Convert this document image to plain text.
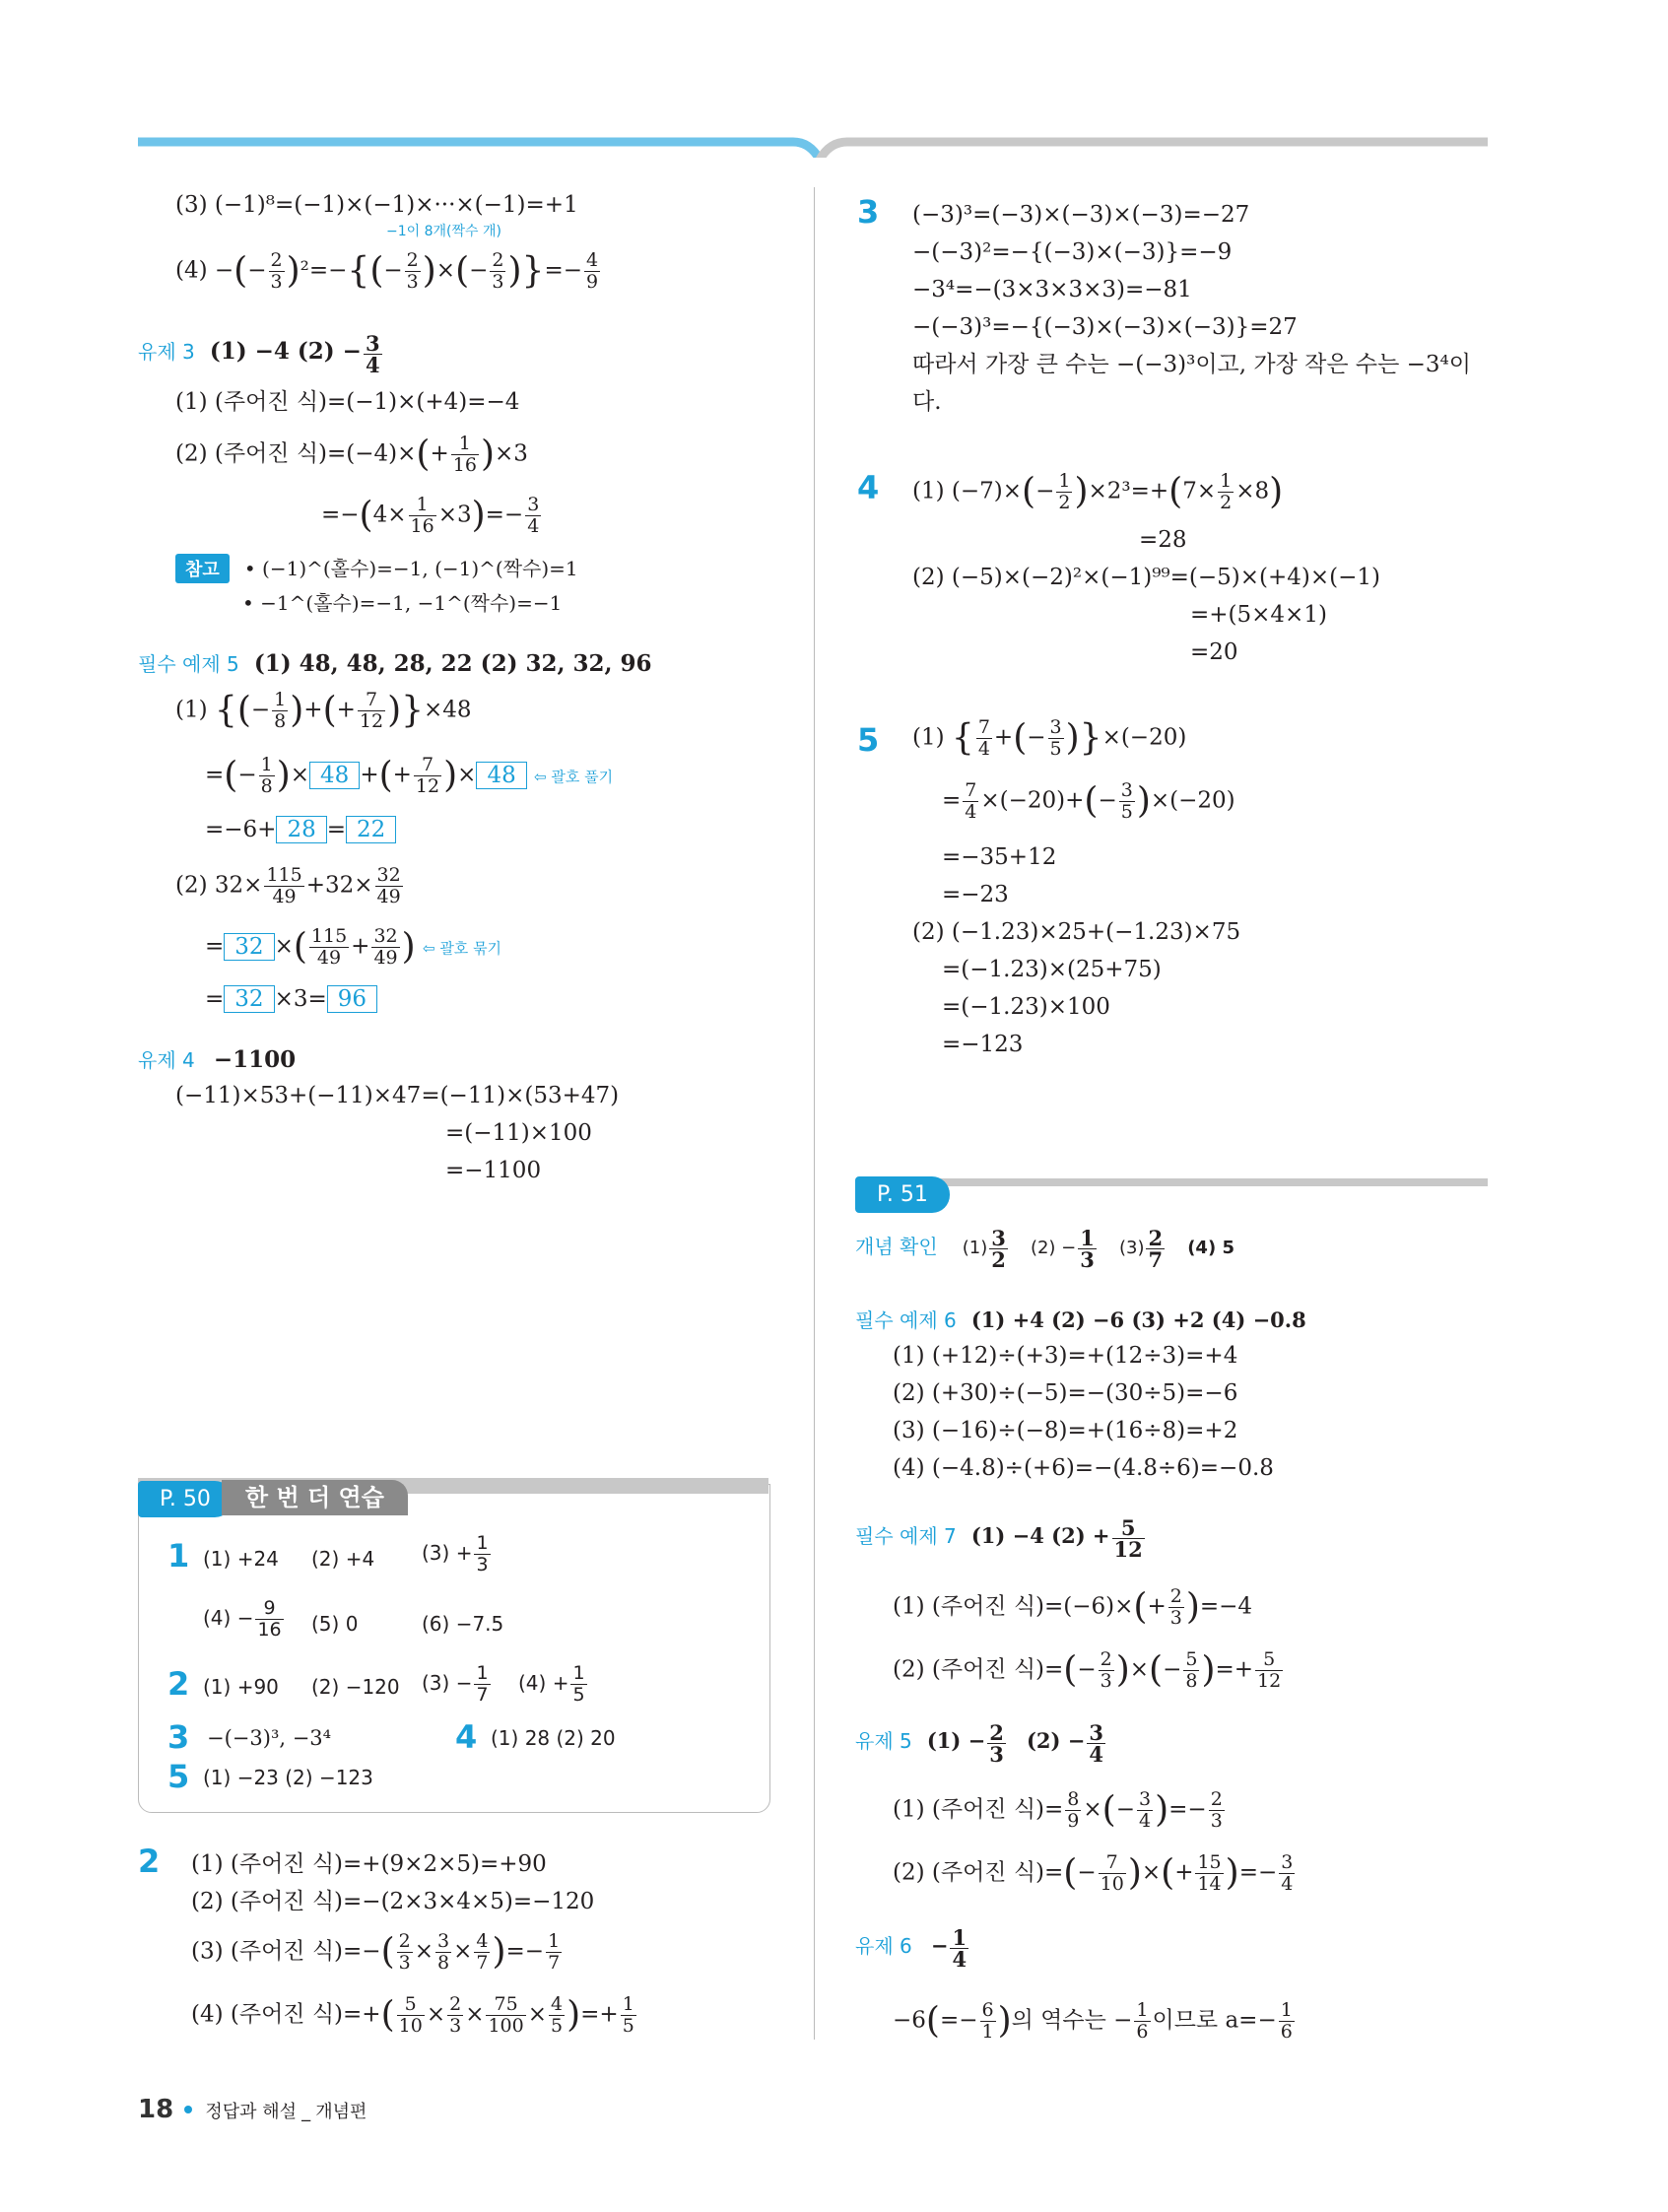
(3) (−1)⁸=(−1)×(−1)×···×(−1)=+1
−1이 8개(짝수 개)
(4) −(− $\frac{2}{3} )^2=-\{(- \frac{2}{3}$ )×(− $\frac{2}{3}$ )}=− $\frac{4}{9}$
유제 3 (1) −4 $(2) - \frac{3}{4}$
(1) (주어진 식)=(−1)×(+4)=−4
(2) (주어진 식)$=(-4)\times(+ \frac{1}{16} )\times 3$
$=-(4\times \frac{1}{16} \times 3)=- \frac{3}{4}$
참고 • (−1)^(홀수)=−1, (−1)^(짝수)=1
• −1^(홀수)=−1, −1^(짝수)=−1
필수 예제 5 (1) 48, 48, 28, 22 (2) 32, 32, 96
(1) {(− $\frac{1}{8}$ )+(+ $\frac{7}{12} )\}\times 48$
=(− $\frac{1}{8}$ )× 48 +(+ $\frac{7}{12}$ )× 48 ⇦ 괄호 풀기
=−6+ 28 = 22
(2) $32\times \frac{115}{49} +32\times \frac{32}{49}$
= 32 ×( $\frac{115}{49} + \frac{32}{49}$ ) ⇦ 괄호 묶기
= 32 ×3= 96
유제 4 −1100
(−11)×53+(−11)×47=(−11)×(53+47)
=(−11)×100
=−1100
P. 50 한 번 더 연습
1 (1) +24 (2) +4 $(3) + \frac{1}{3}$
$(4) - \frac{9}{16} (5)$ 0	(6) −7.5
2 (1) +90 (2) −120 $(3) - \frac{1}{7} (4) + \frac{1}{5}$
3 −(−3)³, −3⁴	4 (1) 28 (2) 20
5 (1) −23 (2) −123
2 (1) (주어진 식)=+(9×2×5)=+90
(2) (주어진 식)=−(2×3×4×5)=−120
(3) (주어진 식)=−( $\frac{2}{3} \times \frac{3}{8} \times \frac{4}{7}$ )=− $\frac{1}{7}$
(4) (주어진 식)=+( $\frac{5}{10} \times \frac{2}{3} \times \frac{75}{100} \times \frac{4}{5}$ )=+ $\frac{1}{5}$
18 정답과 해설 _ 개념편
3 (−3)³=(−3)×(−3)×(−3)=−27
−(−3)²=−{(−3)×(−3)}=−9
−3⁴=−(3×3×3×3)=−81
−(−3)³=−{(−3)×(−3)×(−3)}=27
따라서 가장 큰 수는 −(−3)³이고, 가장 작은 수는 −3⁴이
다.
4 (1) $(-7)\times(- \frac{1}{2} )\times 2^3=+(7\times \frac{1}{2} \times 8)$
=28
(2) (−5)×(−2)²×(−1)⁹⁹=(−5)×(+4)×(−1)
=+(5×4×1)
=20
5 (1) { $\frac{7}{4}$ +(− $\frac{3}{5} )\}\times(-20)$
= $\frac{7}{4} \times(-20)+(- \frac{3}{5} )\times(-20)$
=−35+12
=−23
(2) (−1.23)×25+(−1.23)×75
=(−1.23)×(25+75)
=(−1.23)×100
=−123
P. 51
개념 확인 $(1) \frac{3}{2} (2) - \frac{1}{3} (3) \frac{2}{7} (4)$ 5
필수 예제 6 (1) +4 (2) −6 (3) +2 (4) −0.8
(1) (+12)÷(+3)=+(12÷3)=+4
(2) (+30)÷(−5)=−(30÷5)=−6
(3) (−16)÷(−8)=+(16÷8)=+2
(4) (−4.8)÷(+6)=−(4.8÷6)=−0.8
필수 예제 7 (1) −4 $(2) + \frac{5}{12}$
(1) (주어진 식)$=(-6)\times(+ \frac{2}{3} )=-4$
(2) (주어진 식)=(− $\frac{2}{3}$ )×(− $\frac{5}{8}$ )=+ $\frac{5}{12}$
유제 5 $(1) - \frac{2}{3} (2) - \frac{3}{4}$
(1) (주어진 식)= $\frac{8}{9}$ ×(− $\frac{3}{4}$ )=− $\frac{2}{3}$
(2) (주어진 식)=(− $\frac{7}{10}$ )×(+ $\frac{15}{14}$ )=− $\frac{3}{4}$
유제 $6 - \frac{1}{4}$
$-6(=- \frac{6}{1}$ )의 역수는 − $\frac{1}{6}$ 이므로 $a=- \frac{1}{6}$
